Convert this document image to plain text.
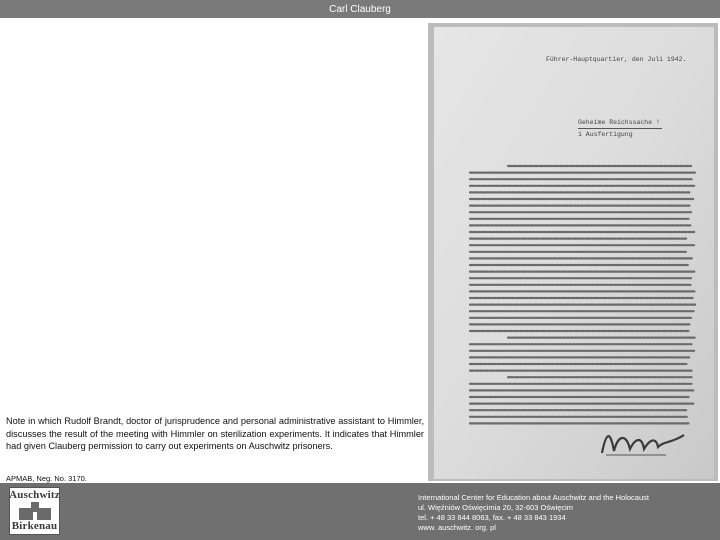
Carl Clauberg
Führer-Hauptquartier, den Juli 1942.
Geheime Reichssache !
1 Ausfertigung
Note in which Rudolf Brandt, doctor of jurisprudence and personal administrative assistant to Himmler, discusses the result of the meeting with Himmler on sterilization experiments. It indicates that Himmler had given Clauberg permission to carry out experiments on Auschwitz prisoners.
APMAB, Neg. No. 3170.
Auschwitz
Birkenau
International Center for Education about Auschwitz and the Holocaust
ul. Więźniów Oświęcimia 20, 32-603 Oświęcim
tel. + 48 33 844 8063, fax. + 48 33 843 1934
www. auschwitz. org. pl
